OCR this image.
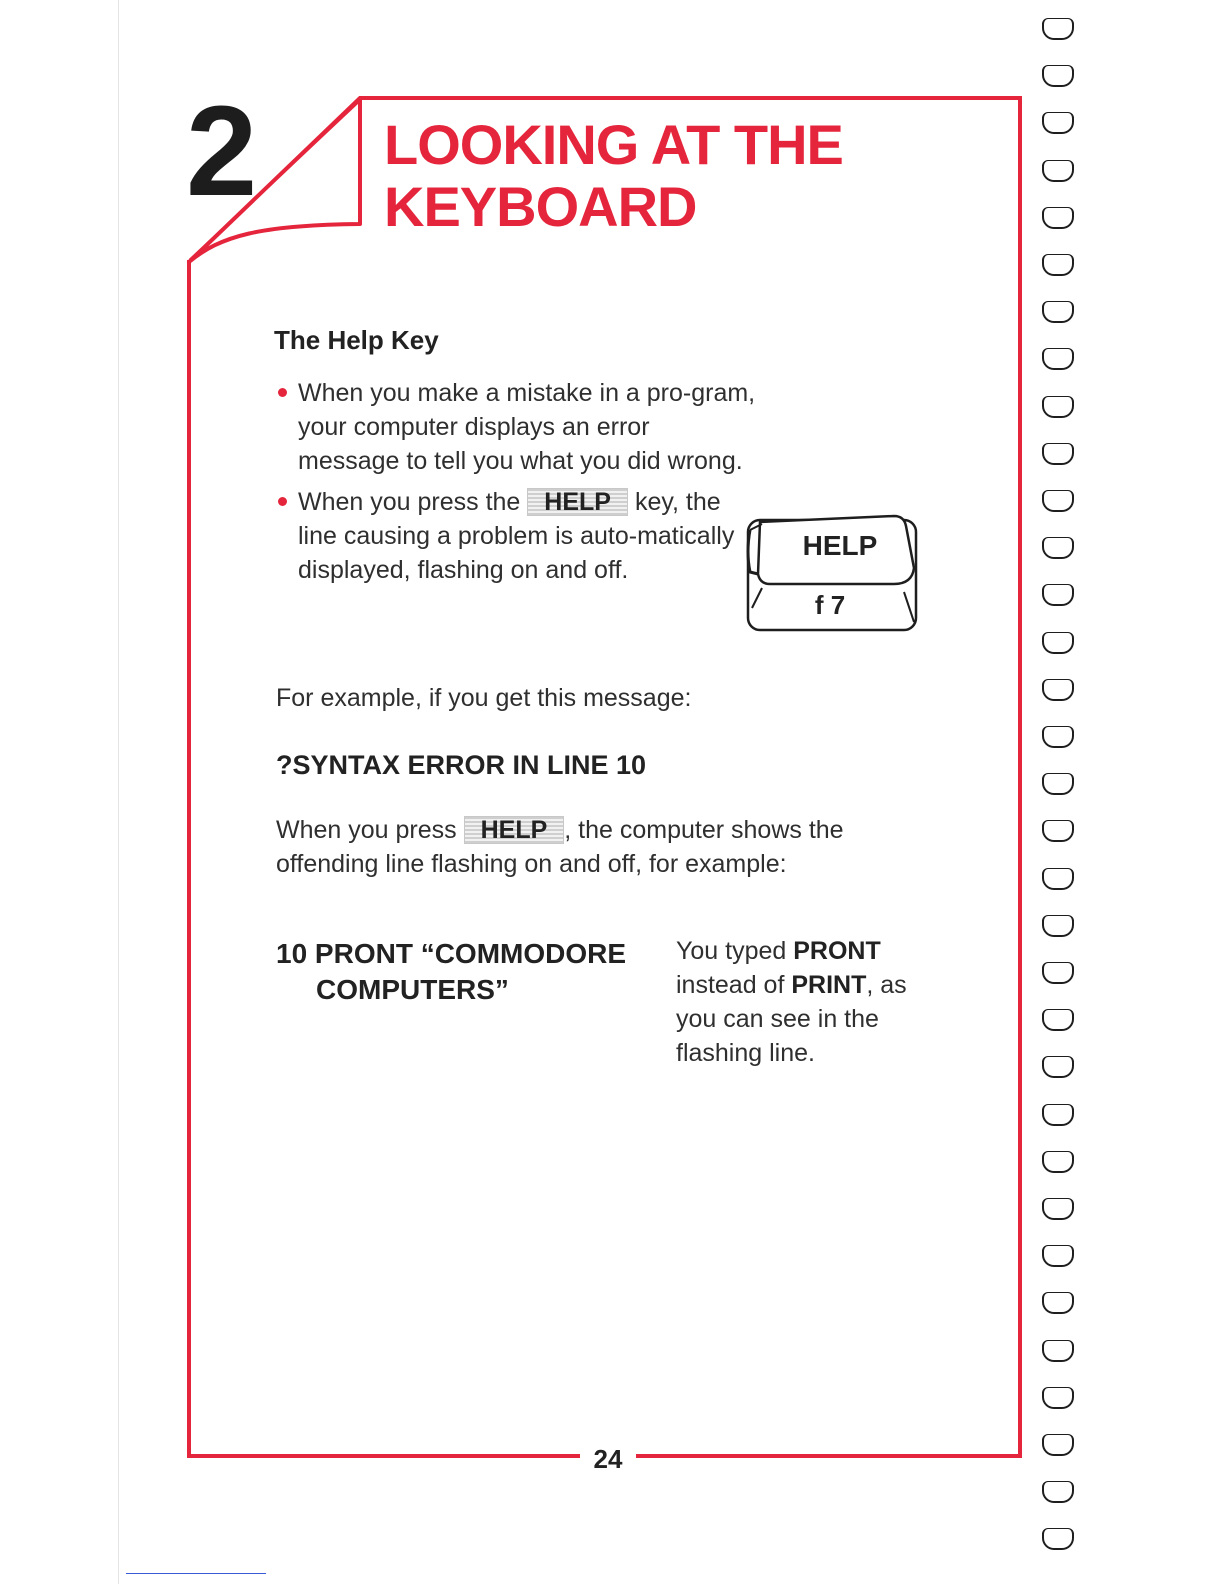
2 LOOKING AT THE
KEYBOARD
The Help Key
When you make a mistake in a pro-gram, your computer displays an error message to tell you what you did wrong.
When you press the HELP key, the line causing a problem is auto-matically displayed, flashing on and off.
HELP
f 7

For example, if you get this message:

?SYNTAX ERROR IN LINE 10

When you press HELP , the computer shows the offending line flashing on and off, for example:

10 PRONT “COMMODORE
COMPUTERS”

You typed PRONT instead of PRINT, as you can see in the flashing line.

24
